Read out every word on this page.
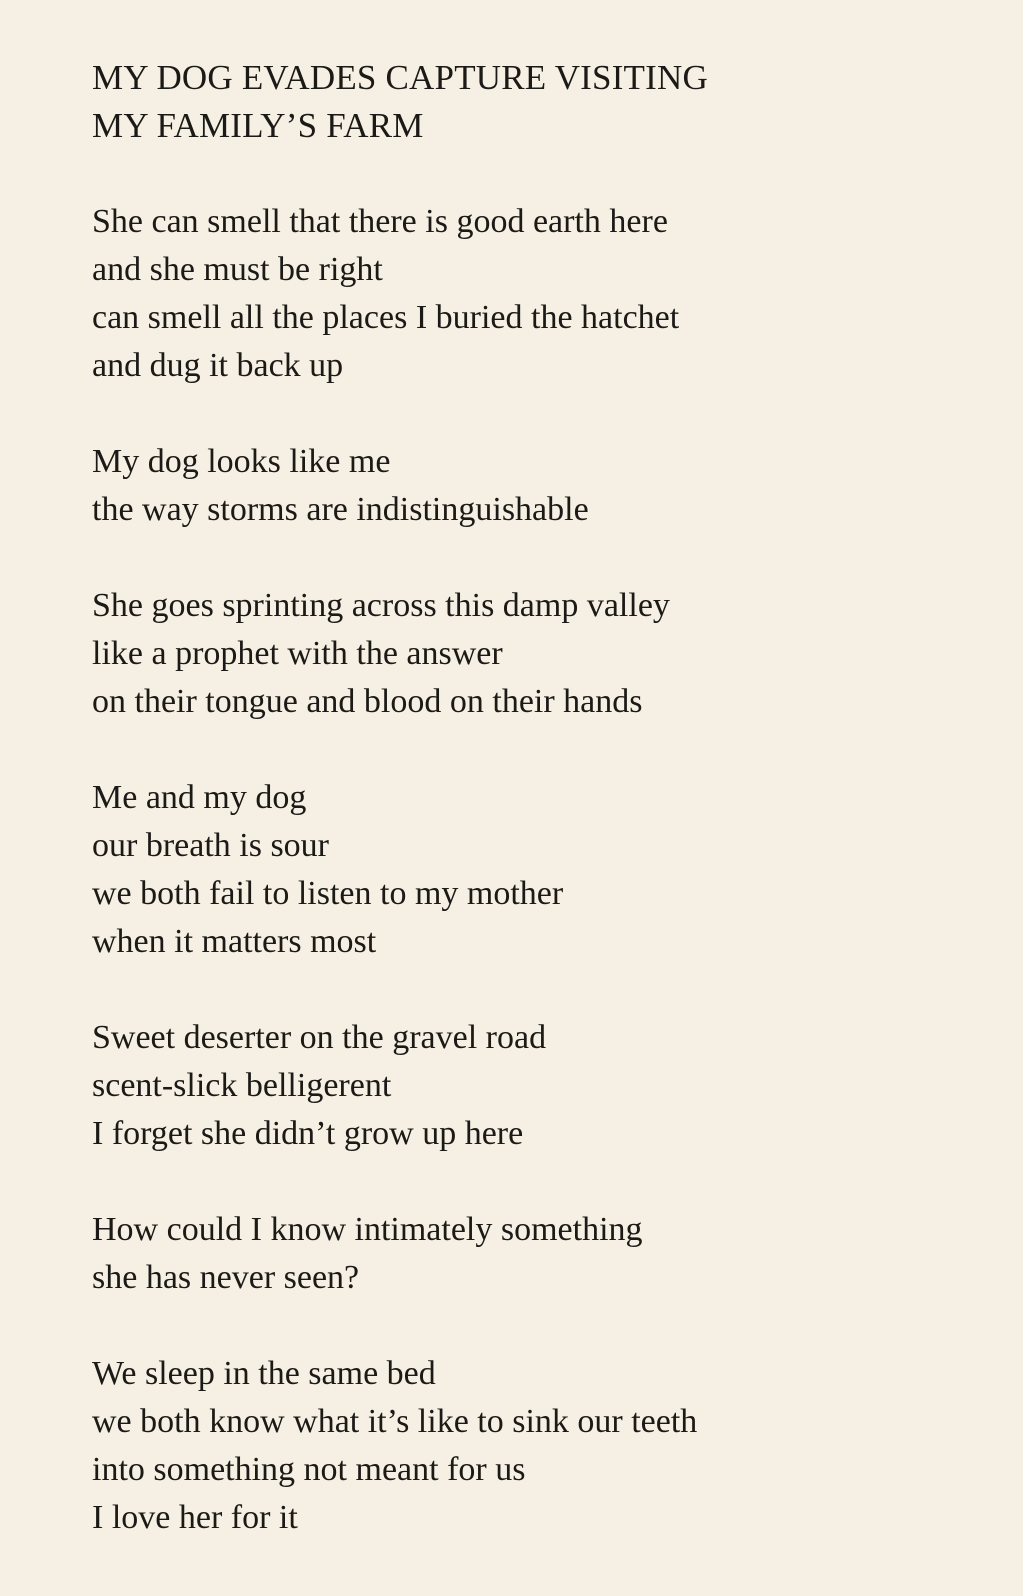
MY DOG EVADES CAPTURE VISITING
MY FAMILY’S FARM

She can smell that there is good earth here
and she must be right
can smell all the places I buried the hatchet
and dug it back up

My dog looks like me
the way storms are indistinguishable

She goes sprinting across this damp valley
like a prophet with the answer
on their tongue and blood on their hands

Me and my dog
our breath is sour
we both fail to listen to my mother
when it matters most

Sweet deserter on the gravel road
scent-slick belligerent
I forget she didn’t grow up here

How could I know intimately something
she has never seen?

We sleep in the same bed
we both know what it’s like to sink our teeth
into something not meant for us
I love her for it
